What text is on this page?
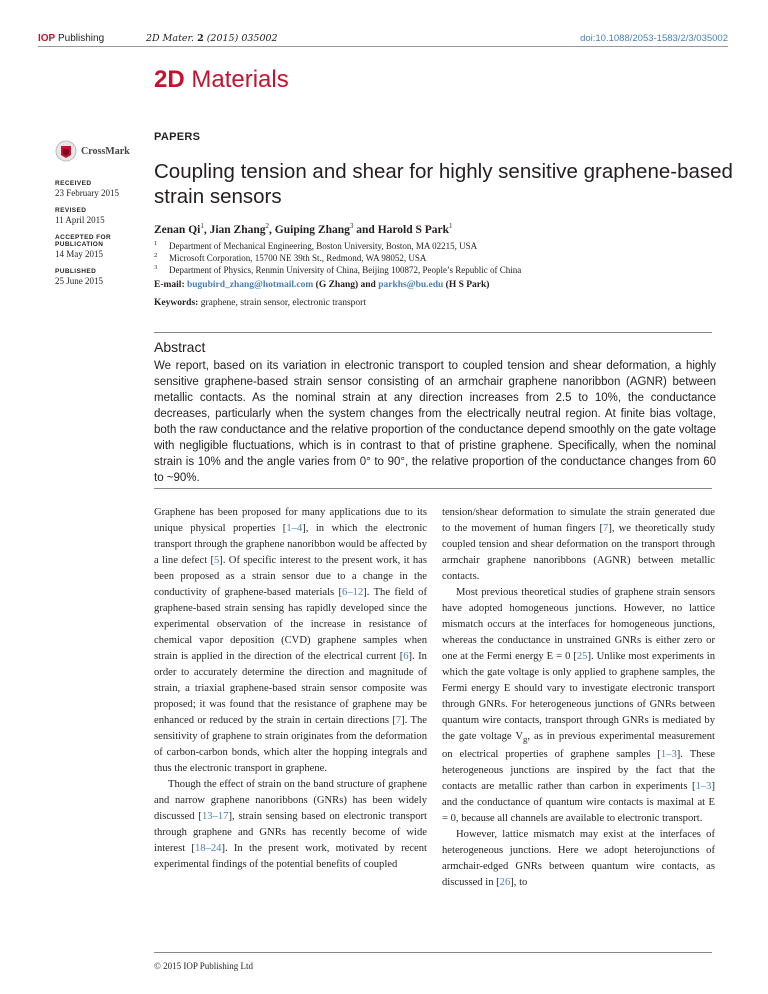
IOP Publishing	2D Mater. 2 (2015) 035002	doi:10.1088/2053-1583/2/3/035002
2D Materials
PAPERS
CrossMark
RECEIVED
23 February 2015
REVISED
11 April 2015
ACCEPTED FOR PUBLICATION
14 May 2015
PUBLISHED
25 June 2015
Coupling tension and shear for highly sensitive graphene-based strain sensors
Zenan Qi$^1$, Jian Zhang$^2$, Guiping Zhang$^3$ and Harold S Park$^1$
1 Department of Mechanical Engineering, Boston University, Boston, MA 02215, USA
2 Microsoft Corporation, 15700 NE 39th St., Redmond, WA 98052, USA
3 Department of Physics, Renmin University of China, Beijing 100872, People’s Republic of China
E-mail: bugubird_zhang@hotmail.com (G Zhang) and parkhs@bu.edu (H S Park)
Keywords: graphene, strain sensor, electronic transport
Abstract
We report, based on its variation in electronic transport to coupled tension and shear deformation, a highly sensitive graphene-based strain sensor consisting of an armchair graphene nanoribbon (AGNR) between metallic contacts. As the nominal strain at any direction increases from 2.5 to 10%, the conductance decreases, particularly when the system changes from the electrically neutral region. At finite bias voltage, both the raw conductance and the relative proportion of the conductance depend smoothly on the gate voltage with negligible fluctuations, which is in contrast to that of pristine graphene. Specifically, when the nominal strain is 10% and the angle varies from 0° to 90°, the relative proportion of the conductance changes from 60 to ~90%.

Graphene has been proposed for many applications due to its unique physical properties [1–4], in which the electronic transport through the graphene nanoribbon would be affected by a line defect [5]. Of specific interest to the present work, it has been proposed as a strain sensor due to a change in the conductivity of graphene-based materials [6–12]. The field of graphene-based strain sensing has rapidly developed since the experimental observation of the increase in resistance of chemical vapor deposition (CVD) graphene samples when strain is applied in the direction of the electrical current [6]. In order to accurately determine the direction and magnitude of strain, a triaxial graphene-based strain sensor composite was proposed; it was found that the resistance of graphene may be enhanced or reduced by the strain in certain directions [7]. The sensitivity of graphene to strain originates from the deformation of carbon-carbon bonds, which alter the hopping integrals and thus the electronic transport in graphene.

Though the effect of strain on the band structure of graphene and narrow graphene nanoribbons (GNRs) has been widely discussed [13–17], strain sensing based on electronic transport through graphene and GNRs has recently become of wide interest [18–24]. In the present work, motivated by recent experimental findings of the potential benefits of coupled

tension/shear deformation to simulate the strain generated due to the movement of human fingers [7], we theoretically study coupled tension and shear deformation on the transport through armchair graphene nanoribbons (AGNR) between metallic contacts.

Most previous theoretical studies of graphene strain sensors have adopted homogeneous junctions. However, no lattice mismatch occurs at the interfaces for homogeneous junctions, whereas the conductance in unstrained GNRs is either zero or one at the Fermi energy E = 0 [25]. Unlike most experiments in which the gate voltage is only applied to graphene samples, the Fermi energy E should vary to investigate electronic transport through GNRs. For heterogeneous junctions of GNRs between quantum wire contacts, transport through GNRs is mediated by the gate voltage $V_g$, as in previous experimental measurement on electrical properties of graphene samples [1–3]. These heterogeneous junctions are inspired by the fact that the contacts are metallic rather than carbon in experiments [1–3] and the conductance of quantum wire contacts is maximal at E = 0, because all channels are available to electronic transport.

However, lattice mismatch may exist at the interfaces of heterogeneous junctions. Here we adopt heterojunctions of armchair-edged GNRs between quantum wire contacts, as discussed in [26], to

© 2015 IOP Publishing Ltd
